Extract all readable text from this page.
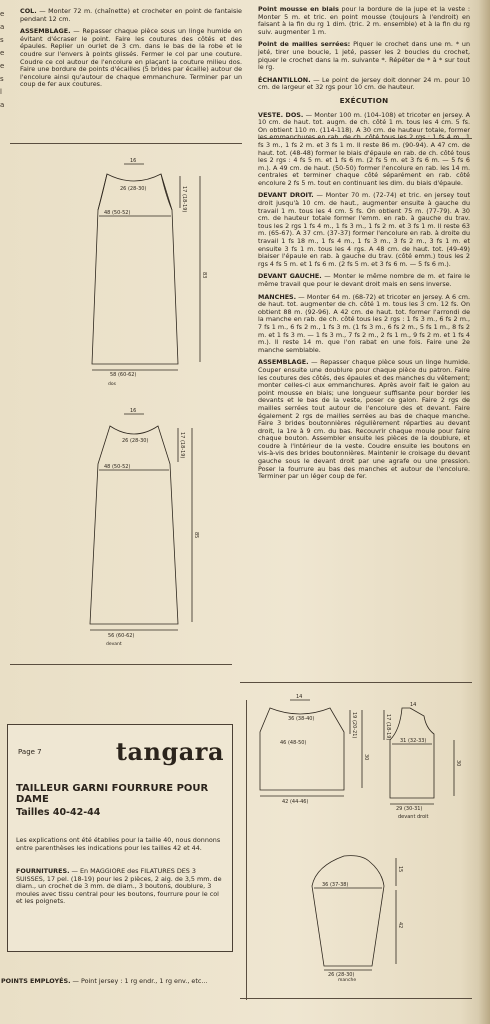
e
a
s
e
e
s
l
a

COL. — Monter 72 m. (chaînette) et crocheter en point de fantaisie pendant 12 cm.

ASSEMBLAGE. — Repasser chaque pièce sous un linge humide en évitant d'écraser le point. Faire les coutures des côtés et des épaules. Replier un ourlet de 3 cm. dans le bas de la robe et le coudre sur l'envers à points glissés. Fermer le col par une couture. Coudre ce col autour de l'encolure en plaçant la couture milieu dos. Faire une bordure de points d'écailles (5 brides par écaille) autour de l'encolure ainsi qu'autour de chaque emmanchure. Terminer par un coup de fer aux coutures.

Point mousse en biais pour la bordure de la jupe et la veste : Monter 5 m. et tric. en point mousse (toujours à l'endroit) en faisant à la fin du rg 1 dim. (tric. 2 m. ensemble) et à la fin du rg suiv. augmenter 1 m.

Point de mailles serrées: Piquer le crochet dans une m. * un jeté, tirer une boucle, 1 jeté, passer les 2 boucles du crochet, piquer le crochet dans la m. suivante *. Répéter de * à * sur tout le rg.

ÉCHANTILLON. — Le point de jersey doit donner 24 m. pour 10 cm. de largeur et 32 rgs pour 10 cm. de hauteur.

EXÉCUTION

VESTE. DOS. — Monter 100 m. (104-108) et tricoter en jersey. A 10 cm. de haut. tot. augm. de ch. côté 1 m. tous les 4 cm. 5 fs. On obtient 110 m. (114-118). A 30 cm. de hauteur totale, former fs 3 m., 1 fs 2 m. et 3 fs 1 m. Il reste 86 m. (90-94). A 47 cm. de haut. tot. (48-48) former le biais d'épaule en rab. de ch. côté tous les 2 rgs : 4 fs 5 m. et 1 fs 6 m. (2 fs 5 m. et 3 fs 6 m. — 5 fs 6 m.). A 49 cm. de haut. (50-50) former l'encolure en rab. les 14 m. centrales et terminer chaque côté séparément en rab. côté encolure 2 fs 5 m. tout en continuant les dim. du biais d'épaule.

DEVANT DROIT. — Monter 70 m. (72-74) et tric. en jersey tout droit jusqu'à 10 cm. de haut., augmenter ensuite à gauche du travail 1 m. tous les 4 cm. 5 fs. On obtient 75 m. (77-79). A 30 cm. de hauteur totale former l'emm. en rab. à gauche du trav. tous les 2 rgs 1 fs 4 m., 1 fs 3 m., 1 fs 2 m. et 3 fs 1 m. Il reste 63 m. (65-67). A 37 cm. (37-37) former l'encolure en rab. à droite du travail 1 fs 18 m., 1 fs 4 m., 1 fs 3 m., 3 fs 2 m., 3 fs 1 m. et ensuite 3 fs 1 m. tous les 4 rgs. A 48 cm. de haut. tot. (49-49) biaiser l'épaule en rab. à gauche du trav. (côté emm.) tous les 2 rgs 4 fs 5 m. et 1 fs 6 m. (2 fs 5 m. et 3 fs 6 m. — 5 fs 6 m.).

DEVANT GAUCHE. — Monter le même nombre de m. et faire le même travail que pour le devant droit mais en sens inverse.

MANCHES. — Monter 64 m. (68-72) et tricoter en jersey. A 6 cm. de haut. tot. augmenter de ch. côté 1 m. tous les 3 cm. 12 fs. On obtient 88 m. (92-96). A 42 cm. de haut. tot. former l'arrondi de la manche en rab. de ch. côté tous les 2 rgs : 1 fs 3 m., 6 fs 2 m., 7 fs 1 m., 6 fs 2 m., 1 fs 3 m. (1 fs 3 m., 6 fs 2 m., 5 fs 1 m., 8 fs 2 m. et 1 fs 3 m. — 1 fs 3 m., 7 fs 2 m., 2 fs 1 m., 9 fs 2 m. et 1 fs 4 m.). Il reste 14 m. que l'on rabat en une fois. Faire une 2e manche semblable.

ASSEMBLAGE. — Repasser chaque pièce sous un linge humide. Couper ensuite une doublure pour chaque pièce du patron. Faire les coutures des côtés, des épaules et des manches du vêtement; monter celles-ci aux emmanchures. Après avoir fait le galon au point mousse en biais; une longueur suffisante pour border les devants et le bas de la veste, poser ce galon. Faire 2 rgs de mailles serrées tout autour de l'encolure des et devant. Faire également 2 rgs de mailles serrées au bas de chaque manche. Faire 3 brides boutonnières régulièrement réparties au devant droit, la 1re à 9 cm. du bas. Recouvrir chaque moule pour faire chaque bouton. Assembler ensuite les pièces de la doublure, et coudre à l'intérieur de la veste. Coudre ensuite les boutons en vis-à-vis des brides boutonnières. Maintenir le croisage du devant gauche sous le devant droit par une agrafe ou une pression. Poser la fourrure au bas des manches et autour de l'encolure. Terminer par un léger coup de fer.

16
26 (28-30)
48 (50-52)
17 (18-19)
83
58 (60-62)
dos
16
26 (28-30)
48 (50-52)
17 (18-19)
85
56 (60-62)
devant
14
36 (38-40)
46 (48-50)
19 (20-21)
30
42 (44-46)
14
31 (32-33)
17 (18-19)
30
29 (30-31)
devant droit
36 (37-38)
42
15
26 (28-30)
manche
Page 7	tangara
TAILLEUR GARNI FOURRURE POUR DAME
Tailles 40-42-44
Les explications ont été établies pour la taille 40, nous donnons entre parenthèses les indications pour les tailles 42 et 44.
FOURNITURES. — En MAGGIORE des FILATURES DES 3 SUISSES, 17 pel. (18-19) pour les 2 pièces, 2 aig. de 3,5 mm. de diam., un crochet de 3 mm. de diam., 3 boutons, doublure, 3 moules avec tissu central pour les boutons, fourrure pour le col et les poignets.
POINTS EMPLOYÉS. — Point jersey : 1 rg endr., 1 rg env., etc...
